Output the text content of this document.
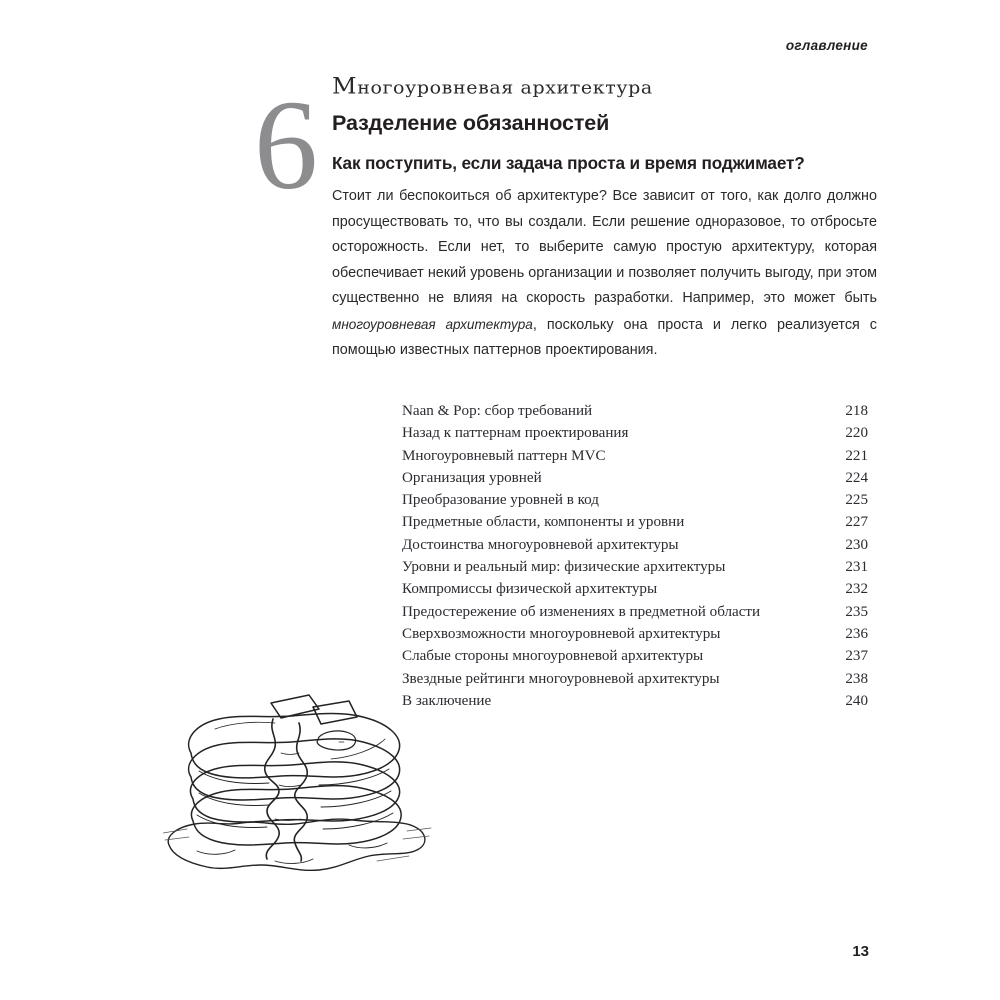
оглавление
6 Многоуровневая архитектура
Разделение обязанностей
Как поступить, если задача проста и время поджимает?

Стоит ли беспокоиться об архитектуре? Все зависит от того, как долго должно просуществовать то, что вы создали. Если решение одноразовое, то отбросьте осторожность. Если нет, то выберите самую простую архитектуру, которая обеспечивает некий уровень организации и позволяет получить выгоду, при этом существенно не влияя на скорость разработки. Например, это может быть многоуровневая архитектура, поскольку она проста и легко реализуется с помощью известных паттернов проектирования.

Naan & Pop: сбор требований	218
Назад к паттернам проектирования	220
Многоуровневый паттерн MVC	221
Организация уровней	224
Преобразование уровней в код	225
Предметные области, компоненты и уровни	227
Достоинства многоуровневой архитектуры	230
Уровни и реальный мир: физические архитектуры	231
Компромиссы физической архитектуры	232
Предостережение об изменениях в предметной области	235
Сверхвозможности многоуровневой архитектуры	236
Слабые стороны многоуровневой архитектуры	237
Звездные рейтинги многоуровневой архитектуры	238
В заключение	240
13
